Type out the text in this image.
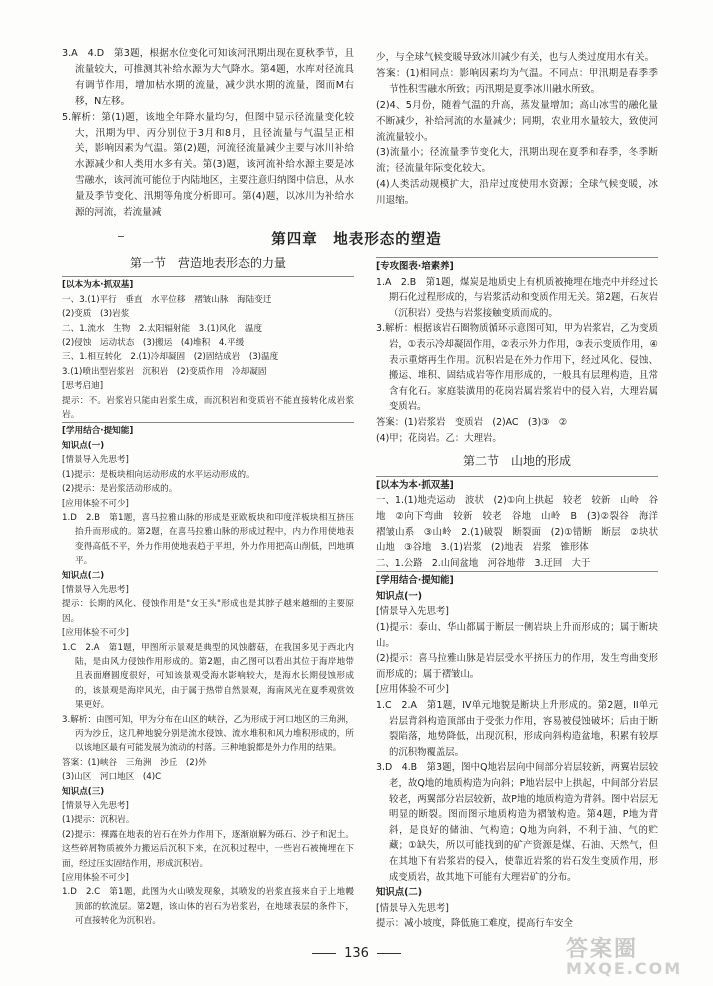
3.A　4.D　第3题，根据水位变化可知该河汛期出现在夏秋季节，且流量较大，可推测其补给水源为大气降水。第4题，水库对径流具有调节作用，增加枯水期的流量，减少洪水期的流量，图而M右移，N左移。

5.解析：第(1)题，该地全年降水量均匀，但图中显示径流量变化较大，汛期为甲、丙分别位于3月和8月，且径流量与气温呈正相关，影响因素为气温。第(2)题，河流径流量减少主要与冰川补给水源减少和人类用水多有关。第(3)题，该河流补给水源主要是冰雪融水，该河流可能位于内陆地区，主要注意归纳图中信息，从水量及季节变化、汛期等角度分析即可。第(4)题，以冰川为补给水源的河流，若流量减

少，与全球气候变暖导致冰川减少有关，也与人类过度用水有关。

答案：(1)相同点：影响因素均为气温。不同点：甲汛期是春季季节性积雪融水所致；丙汛期是夏季冰川融水所致。

(2)4、5月份，随着气温的升高，蒸发量增加；高山冰雪的融化量不断减少，补给河流的水量减少；同期，农业用水量较大，致使河流流量较小。

(3)流量小；径流量季节变化大，汛期出现在夏季和春季，冬季断流；径流量年际变化较大。

(4)人类活动规模扩大，沿岸过度使用水资源；全球气候变暖，冰川退缩。

第四章　地表形态的塑造
第一节　营造地表形态的力量

[以本为本·抓双基]

一、3.(1)平行　垂直　水平位移　褶皱山脉　海陆变迁

(2)变质　(3)岩浆

二、1.流水　生物　2.太阳辐射能　3.(1)风化　温度

(2)侵蚀　运动状态　(3)搬运　(4)堆积　4.平缓

三、1.相互转化　2.(1)冷却凝固　(2)固结成岩　(3)温度

3.(1)喷出型岩浆岩　沉积岩　(2)变质作用　冷却凝固

[思考启迪]

提示：不。岩浆岩只能由岩浆生成，而沉积岩和变质岩不能直接转化成岩浆岩。

[学用结合·提知能]

知识点(一)

[情景导入先思考]

(1)提示：是板块相向运动形成的水平运动形成的。

(2)提示：是岩浆活动形成的。

[应用体验不可少]

1.D　2.B　第1题，喜马拉雅山脉的形成是亚欧板块和印度洋板块相互挤压抬升而形成的。第2题，在喜马拉雅山脉的形成过程中，内力作用使地表变得高低不平，外力作用使地表趋于平坦，外力作用把高山削低，凹地填平。

知识点(二)

[情景导入先思考]

提示：长期的风化、侵蚀作用是"女王头"形成也是其脖子越来越细的主要原因。

[应用体验不可少]

1.C　2.A　第1题，甲图所示景观是典型的风蚀蘑菇，在我国多见于西北内陆，是由风力侵蚀作用形成的。第2题，由乙图可以看出其位于海岸地带且表面磨圆度很好，可知该景观受海水影响较大，是海水长期侵蚀形成的，该景观是海岸风光，由于属于热带自然景观，海南风光在夏季观赏效果更好。

3.解析：由图可知，甲为分布在山区的峡谷，乙为形成于河口地区的三角洲，丙为沙丘，这几种地貌分别是流水侵蚀、流水堆积和风力堆积形成的，所以该地区最有可能发展为流动的村落。三种地貌都是外力作用的结果。

答案：(1)峡谷　三角洲　沙丘　(2)外

(3)山区　河口地区　(4)C

知识点(三)

[情景导入先思考]

(1)提示：沉积岩。

(2)提示：裸露在地表的岩石在外力作用下，逐渐崩解为砾石、沙子和泥土。这些碎屑物质被外力搬运后沉积下来，在沉积过程中，一些岩石被掩埋在下面，经过压实固结作用，形成沉积岩。

[应用体验不可少]

1.D　2.C　第1题，此图为火山喷发现象，其喷发的岩浆直接来自于上地幔顶部的软流层。第2题，该山体的岩石为岩浆岩，在地球表层的条件下，可直接转化为沉积岩。

[专攻图表·培素养]

1.A　2.B　第1题，煤炭是地质史上有机质被掩埋在地壳中并经过长期石化过程形成的，与岩浆活动和变质作用无关。第2题，石灰岩（沉积岩）受热与岩浆接触变质而成的。

3.解析：根据该岩石圈物质循环示意图可知，甲为岩浆岩，乙为变质岩，①表示冷却凝固作用，②表示外力作用，③表示变质作用，④表示重熔再生作用。沉积岩是在外力作用下，经过风化、侵蚀、搬运、堆积、固结成岩等作用形成的，一般具有层理构造，且常含有化石。家庭装潢用的花岗岩属岩浆岩中的侵入岩，大理岩属变质岩。

答案：(1)岩浆岩　变质岩　(2)AC　(3)③　②

(4)甲；花岗岩。乙：大理岩。

第二节　山地的形成

[以本为本·抓双基]

一、1.(1)地壳运动　波状　(2)①向上拱起　较老　较新　山岭　谷地　②向下弯曲　较新　较老　谷地　山岭　B　(3)②裂谷　海洋　褶皱山系　③山岭　2.(1)破裂　断裂面　(2)①错断　断层　②块状山地　③谷地　3.(1)岩浆　(2)地表　岩浆　锥形体

二、1.公路　2.山间盆地　河谷地带　3.迂回　大于

[学用结合·提知能]

知识点(一)

[情景导入先思考]

(1)提示：泰山、华山都属于断层一侧岩块上升而形成的；属于断块山。

(2)提示：喜马拉雅山脉是岩层受水平挤压力的作用，发生弯曲变形而形成的；属于褶皱山。

[应用体验不可少]

1.C　2.A　第1题，IV单元地貌是断块上升形成的。第2题，II单元岩层背斜构造顶部由于受张力作用，容易被侵蚀破坏；后由于断裂陷落，地势降低，出现沉积，形成向斜构造盆地，积累有较厚的沉积物覆盖层。

3.D　4.B　第3题，图中Q地岩层向中间部分岩层较新，两翼岩层较老，故Q地的地质构造为向斜；P地岩层中上拱起，中间部分岩层较老，两翼部分岩层较新，故P地的地质构造为背斜。图中岩层无明显的断裂。图而图示地质构造为褶皱构造。第4题，P地为背斜，是良好的储油、气构造；Q地为向斜，不利于油、气的贮藏；①缺失，所以可能找到的矿产资源是煤、石油、天然气，但在其地下有岩浆岩的侵入，使靠近岩浆的岩石发生变质作用，形成变质岩，故其地下可能有大理岩矿的分布。

知识点(二)

[情景导入先思考]

提示：减小坡度，降低施工难度，提高行车安全

136	答案圈
MXQE.COM
